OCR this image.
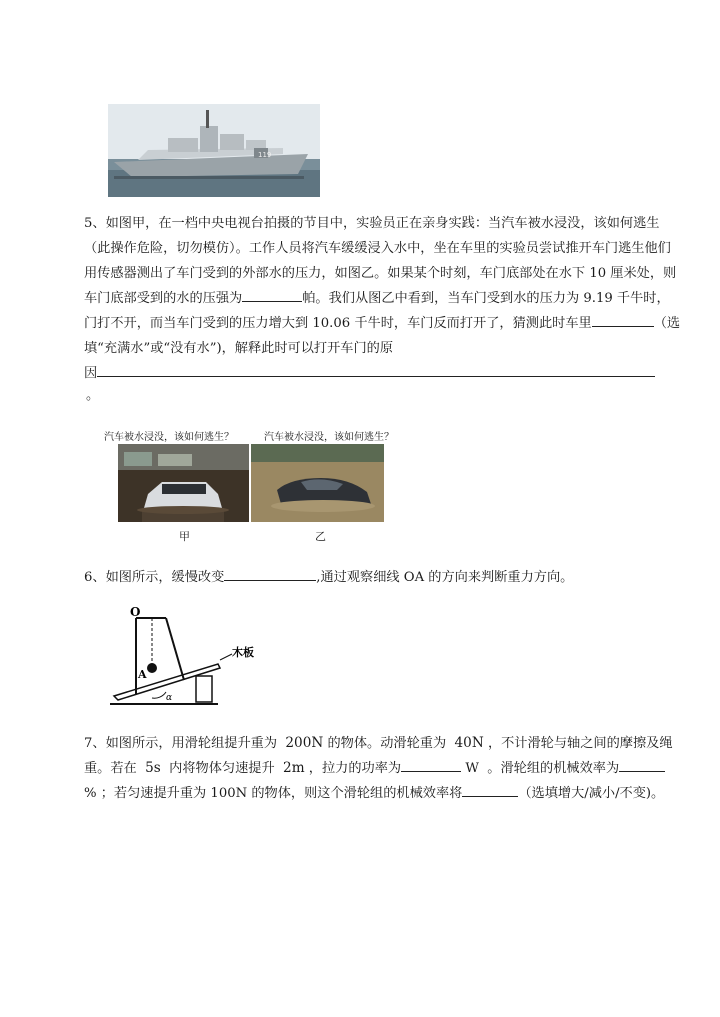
119
5、如图甲，在一档中央电视台拍摄的节目中，实验员正在亲身实践：当汽车被水浸没，该如何逃生
（此操作危险，切勿模仿）。工作人员将汽车缓缓浸入水中，坐在车里的实验员尝试推开车门逃生他们
用传感器测出了车门受到的外部水的压力，如图乙。如果某个时刻，车门底部处在水下 10 厘米处，则
车门底部受到的水的压强为	帕。我们从图乙中看到，当车门受到水的压力为 9.19 千牛时，
门打不开，而当车门受到的压力增大到 10.06 千牛时，车门反而打开了，猜测此时车里	（选
填“充满水”或“没有水”)，解释此时可以打开车门的原
因
。
汽车被水浸没，该如何逃生？	汽车被水浸没，该如何逃生？
甲	乙
6、如图所示，缓慢改变	,通过观察细线 OA 的方向来判断重力方向。
O
A
α
木板
7、如图所示，用滑轮组提升重为 200N 的物体。动滑轮重为 40N ，不计滑轮与轴之间的摩擦及绳
重。若在 5s 内将物体匀速提升 2m ，拉力的功率为	W 。滑轮组的机械效率为
% ；若匀速提升重为 100N 的物体，则这个滑轮组的机械效率将	（选填增大/减小/不变)。
